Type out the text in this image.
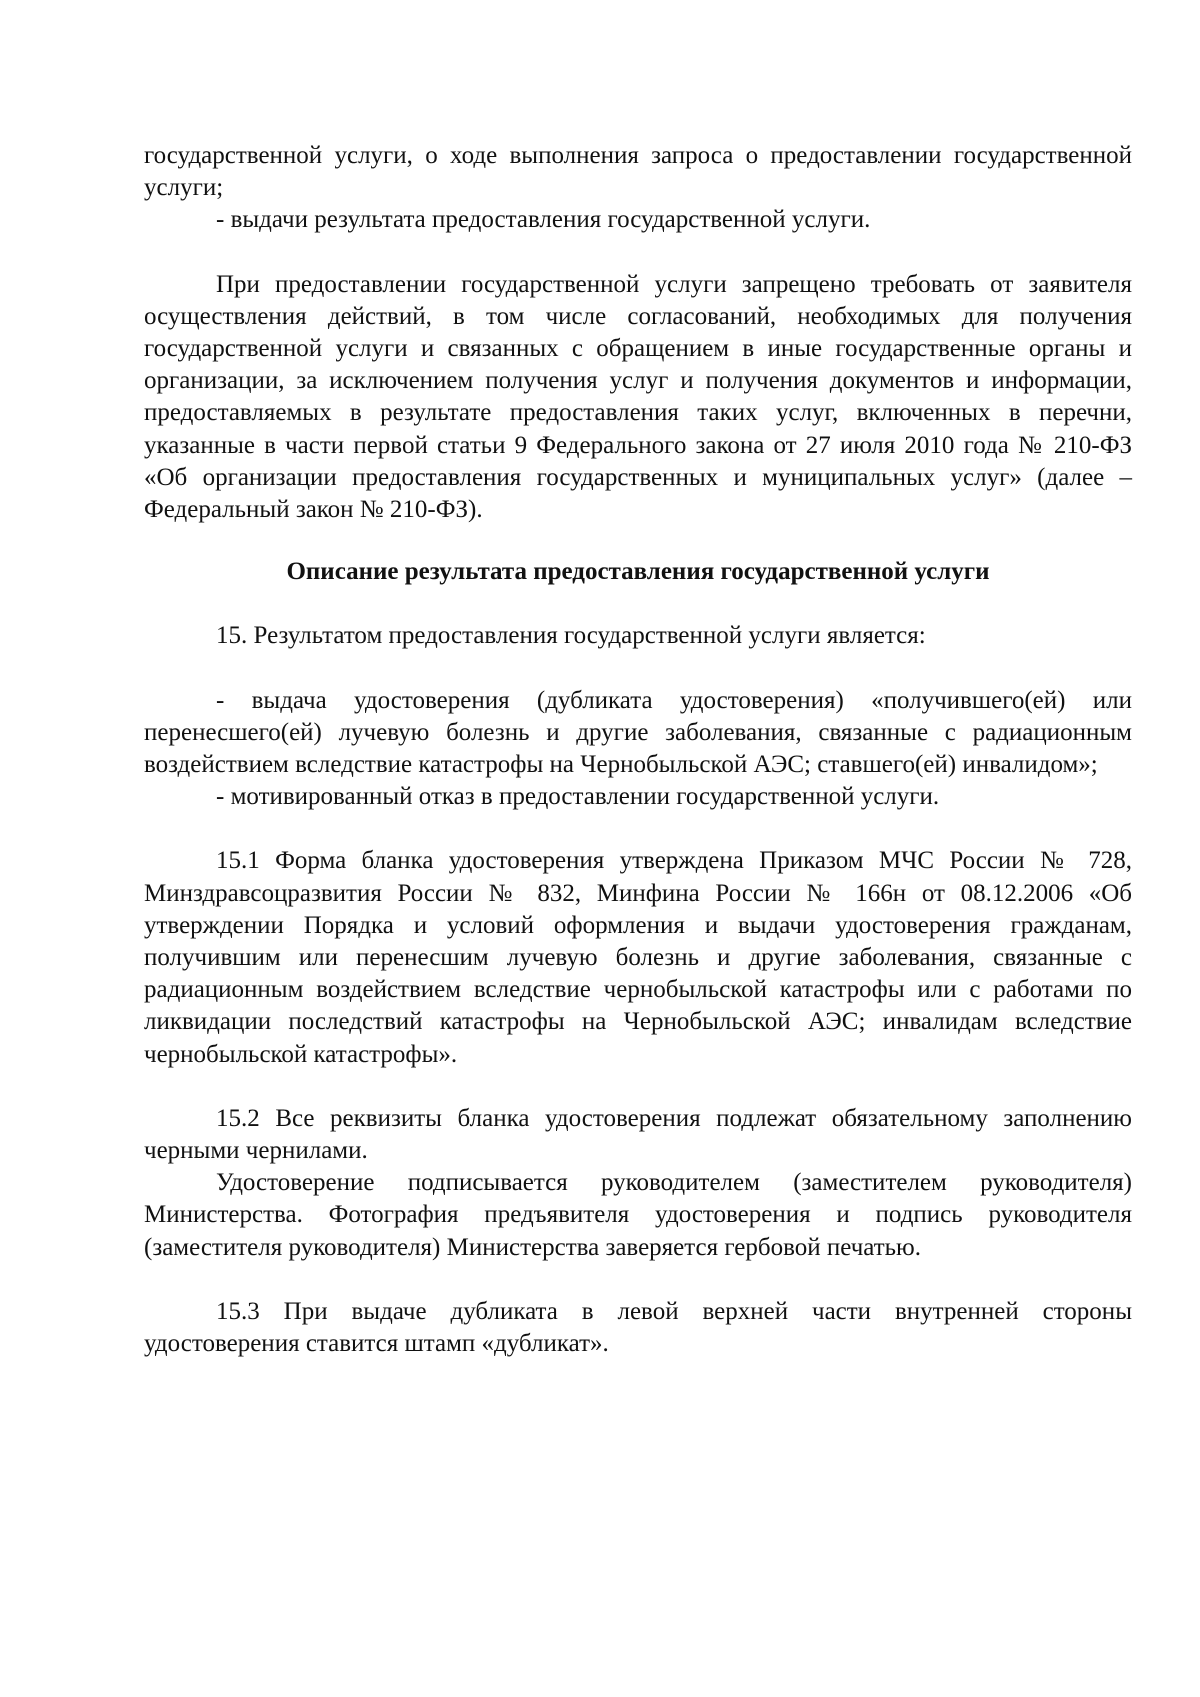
государственной услуги, о ходе выполнения запроса о предоставлении государственной услуги;

- выдачи результата предоставления государственной услуги.

При предоставлении государственной услуги запрещено требовать от заявителя осуществления действий, в том числе согласований, необходимых для получения государственной услуги и связанных с обращением в иные государственные органы и организации, за исключением получения услуг и получения документов и информации, предоставляемых в результате предоставления таких услуг, включенных в перечни, указанные в части первой статьи 9 Федерального закона от 27 июля 2010 года № 210-ФЗ «Об организации предоставления государственных и муниципальных услуг» (далее – Федеральный закон № 210-ФЗ).

Описание результата предоставления государственной услуги

15. Результатом предоставления государственной услуги является:

- выдача удостоверения (дубликата удостоверения) «получившего(ей) или перенесшего(ей) лучевую болезнь и другие заболевания, связанные с радиационным воздействием вследствие катастрофы на Чернобыльской АЭС; ставшего(ей) инвалидом»;

- мотивированный отказ в предоставлении государственной услуги.

15.1 Форма бланка удостоверения утверждена Приказом МЧС России № 728, Минздравсоцразвития России № 832, Минфина России № 166н от 08.12.2006 «Об утверждении Порядка и условий оформления и выдачи удостоверения гражданам, получившим или перенесшим лучевую болезнь и другие заболевания, связанные с радиационным воздействием вследствие чернобыльской катастрофы или с работами по ликвидации последствий катастрофы на Чернобыльской АЭС; инвалидам вследствие чернобыльской катастрофы».

15.2 Все реквизиты бланка удостоверения подлежат обязательному заполнению черными чернилами.

Удостоверение подписывается руководителем (заместителем руководителя) Министерства. Фотография предъявителя удостоверения и подпись руководителя (заместителя руководителя) Министерства заверяется гербовой печатью.

15.3 При выдаче дубликата в левой верхней части внутренней стороны удостоверения ставится штамп «дубликат».
